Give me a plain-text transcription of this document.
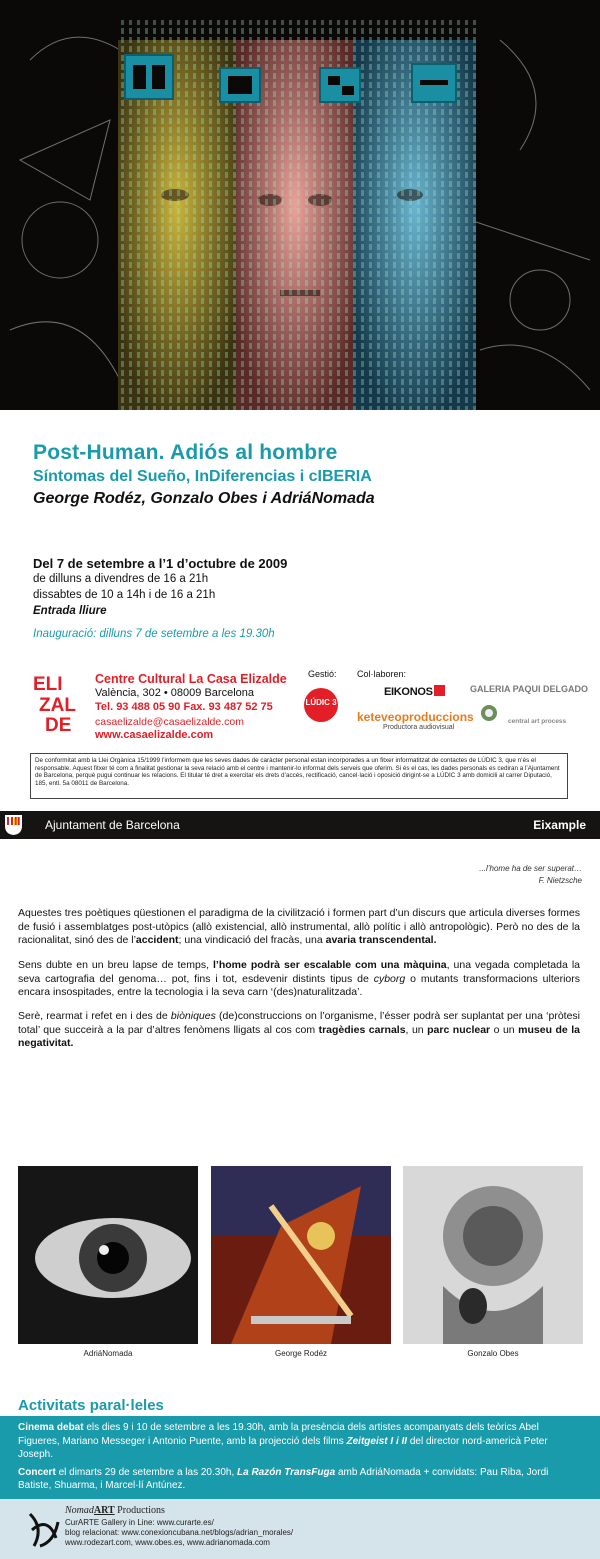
Post-Human. Adiós al hombre
Síntomas del Sueño, InDiferencias i cIBERIA
George Rodéz, Gonzalo Obes i AdriáNomada
Del 7 de setembre a l’1 d’octubre de 2009
de dilluns a divendres de 16 a 21h
dissabtes de 10 a 14h i de 16 a 21h
Entrada lliure
Inauguració: dilluns 7 de setembre a les 19.30h
ELI
ZAL
DE
Centre Cultural La Casa Elizalde
València, 302 • 08009 Barcelona
Tel. 93 488 05 90 Fax. 93 487 52 75
casaelizalde@casaelizalde.com
www.casaelizalde.com
Gestió:
LÚDIC 3
Col·laboren:
EIKONOS
keteveoproduccions
Productora audiovisual
GALERIA PAQUI DELGADO
central art process
De conformitat amb la Llei Orgànica 15/1999 l’informem que les seves dades de caràcter personal estan incorporades a un fitxer informatitzat de contactes de LÚDIC 3, que n’és el responsable. Aquest fitxer té com a finalitat gestionar la seva relació amb el centre i mantenir-lo informat dels serveis que oferim. Si és el cas, les dades personals es cediran a l’Ajuntament de Barcelona, perquè pugui continuar les relacions. El titular té dret a exercitar els drets d’accés, rectificació, cancel·lació i oposició dirigint-se a LÚDIC 3 amb domicili al carrer Diputació, 185, entl. 5a 08011 de Barcelona.
Ajuntament de Barcelona	Eixample
...l’home ha de ser superat…
F. Nietzsche
Aquestes tres poètiques qüestionen el paradigma de la civilització i formen part d’un discurs que articula diverses formes de fusió i assemblatges post-utòpics (allò existencial, allò instrumental, allò polític i allò antropològic). Però no des de la racionalitat, sinó des de l’accident; una vindicació del fracàs, una avaria transcendental.
Sens dubte en un breu lapse de temps, l’home podrà ser escalable com una màquina, una vegada completada la seva cartografia del genoma… pot, fins i tot, esdevenir distints tipus de cyborg o mutants transformacions ulteriors encara insospitades, entre la tecnologia i la seva carn ‘(des)naturalitzada’.
Serè, rearmat i refet en i des de biòniques (de)construccions on l’organisme, l’ésser podrà ser suplantat per una ‘pròtesi total’ que succeirà a la par d’altres fenòmens lligats al cos com tragèdies carnals, un parc nuclear o un museu de la negativitat.
AdriáNomada	George Rodéz	Gonzalo Obes
Activitats paral·leles
Cinema debat els dies 9 i 10 de setembre a les 19.30h, amb la presència dels artistes acompanyats dels teòrics Abel Figueres, Mariano Messeger i Antonio Puente, amb la projecció dels films Zeitgeist I i II del director nord-americà Peter Joseph.
Concert el dimarts 29 de setembre a las 20.30h, La Razón TransFuga amb AdriáNomada + convidats: Pau Riba, Jordi Batiste, Shuarma, i Marcel·lí Antúnez.
NomadART Productions
CurARTE Gallery in Line: www.curarte.es/
blog relacionat: www.conexioncubana.net/blogs/adrian_morales/
www.rodezart.com, www.obes.es, www.adrianomada.com
